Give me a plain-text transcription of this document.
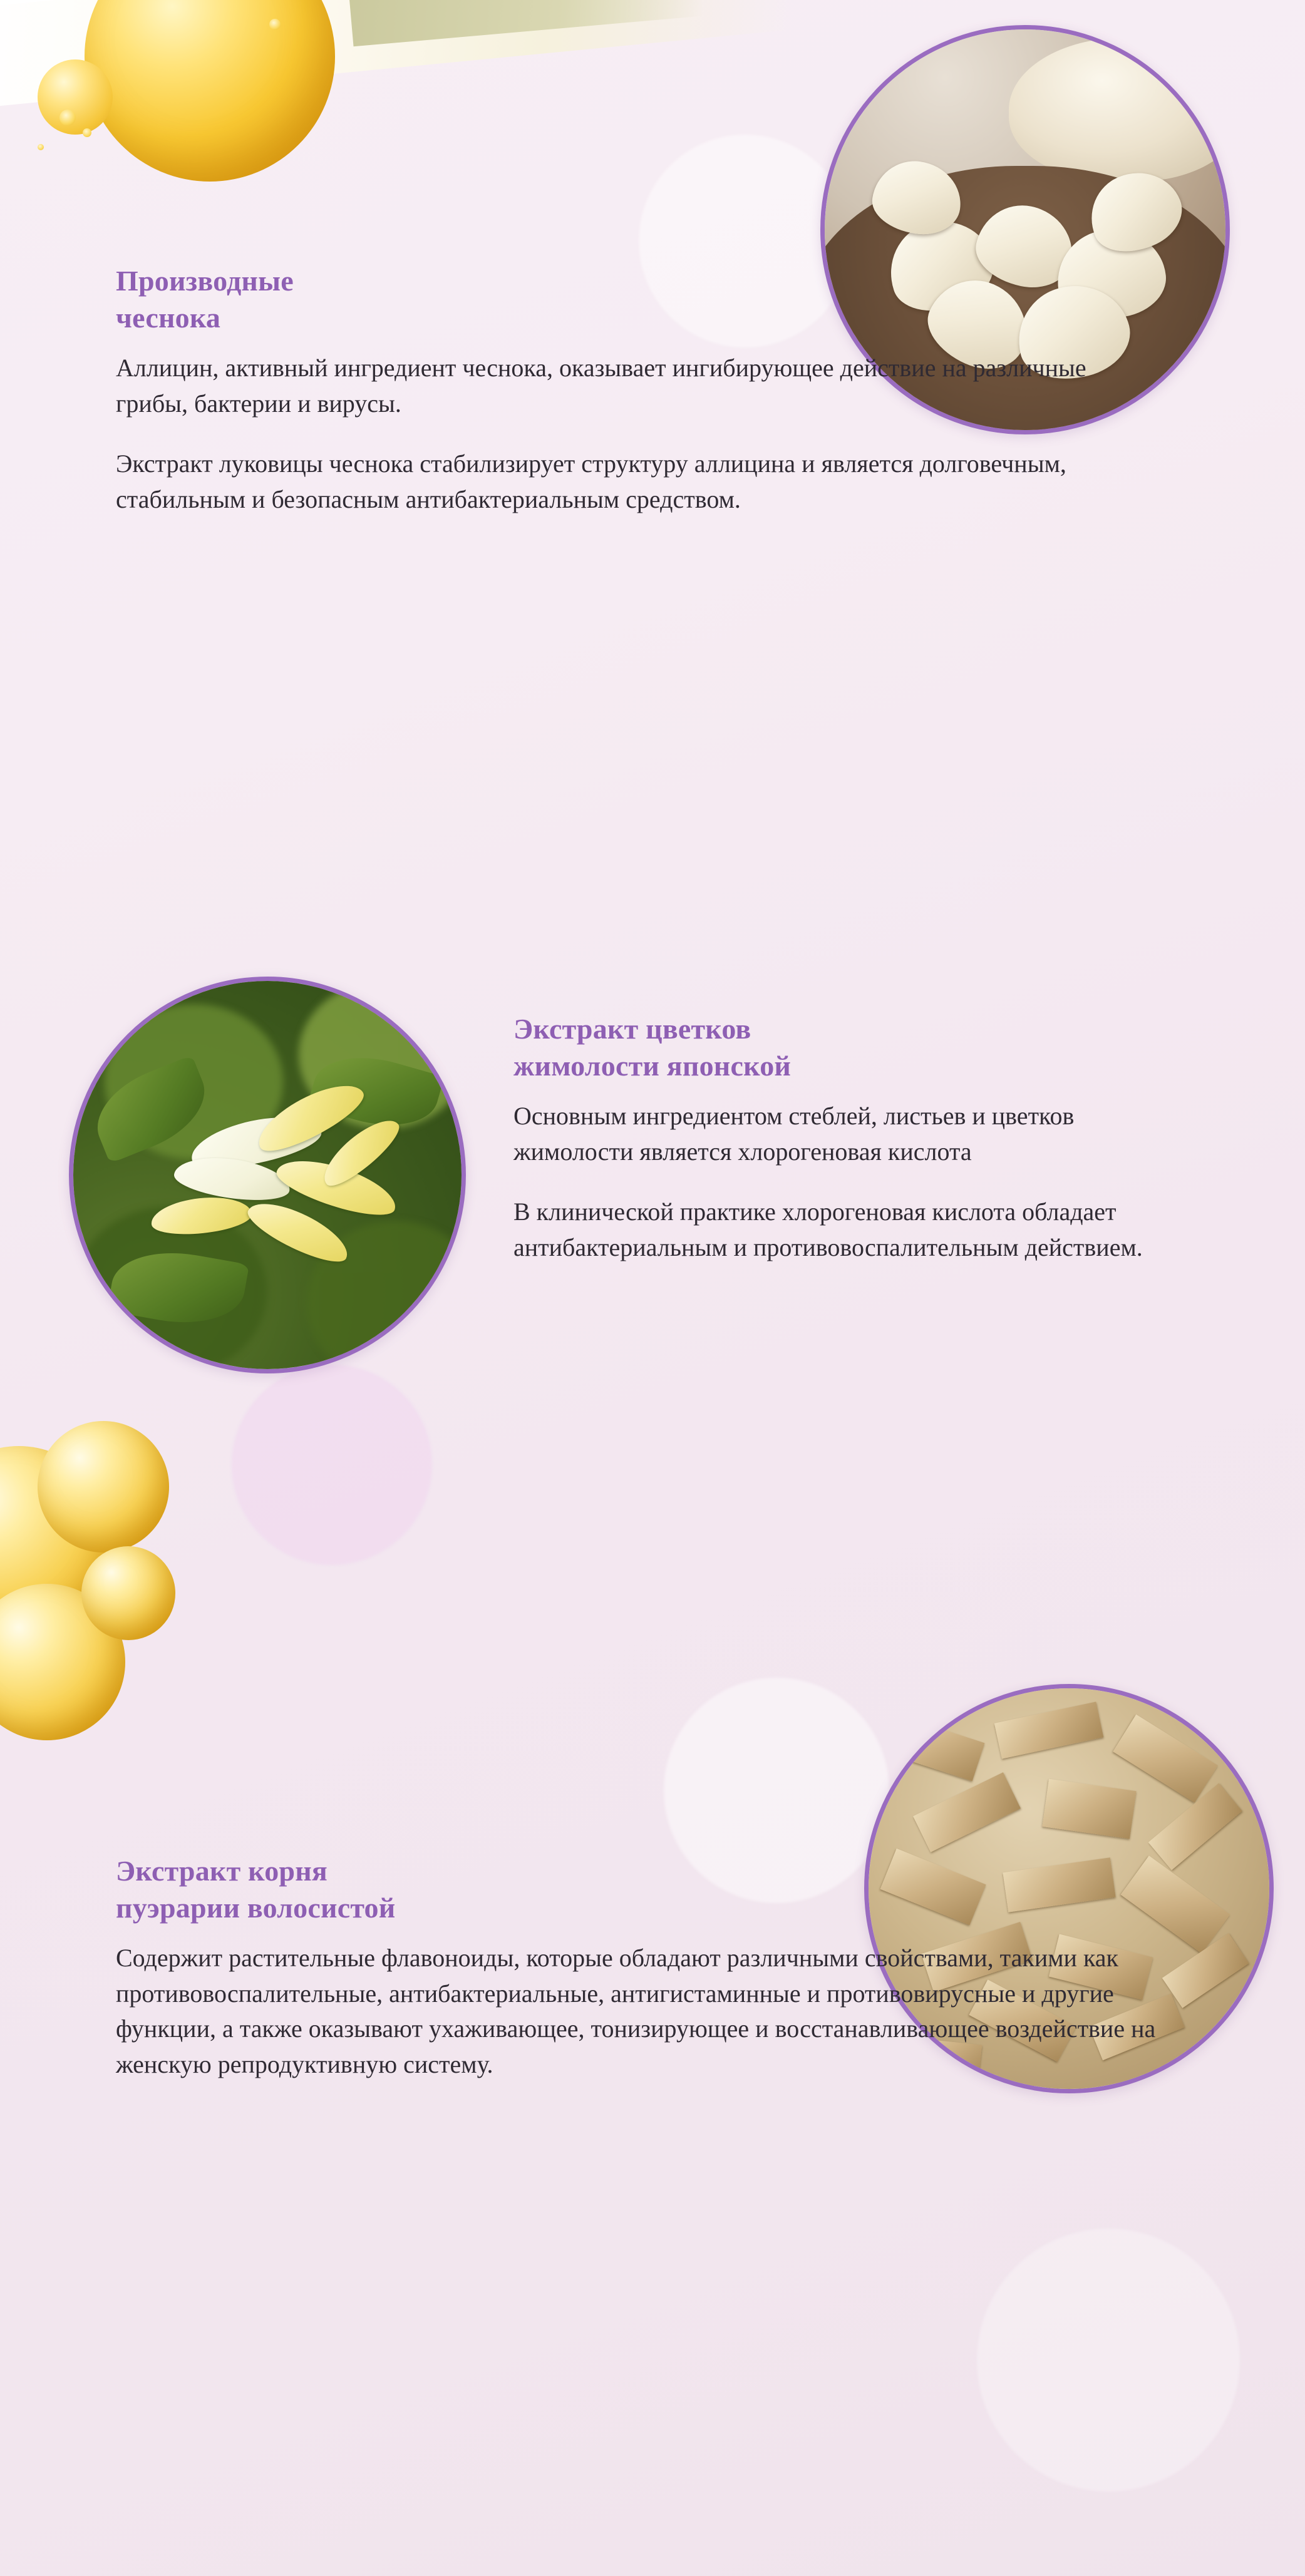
Производные
чеснока

Аллицин, активный ингредиент чеснока, оказывает ингибирующее действие на различные грибы, бактерии и вирусы.

Экстракт луковицы чеснока стабилизирует структуру аллицина и является долговечным, стабильным и безопасным антибактериальным средством.

Экстракт цветков
жимолости японской

Основным ингредиентом стеблей, листьев и цветков жимолости является хлорогеновая кислота

В клинической практике хлорогеновая кислота обладает антибактериальным и противовоспалительным действием.

Экстракт корня
пуэрарии волосистой

Содержит растительные флавоноиды, которые обладают различными свойствами, такими как противовоспалительные, антибактериальные, антигистаминные и противовирусные и другие функции, а также оказывают ухаживающее, тонизирующее и восстанавливающее воздействие на женскую репродуктивную систему.
